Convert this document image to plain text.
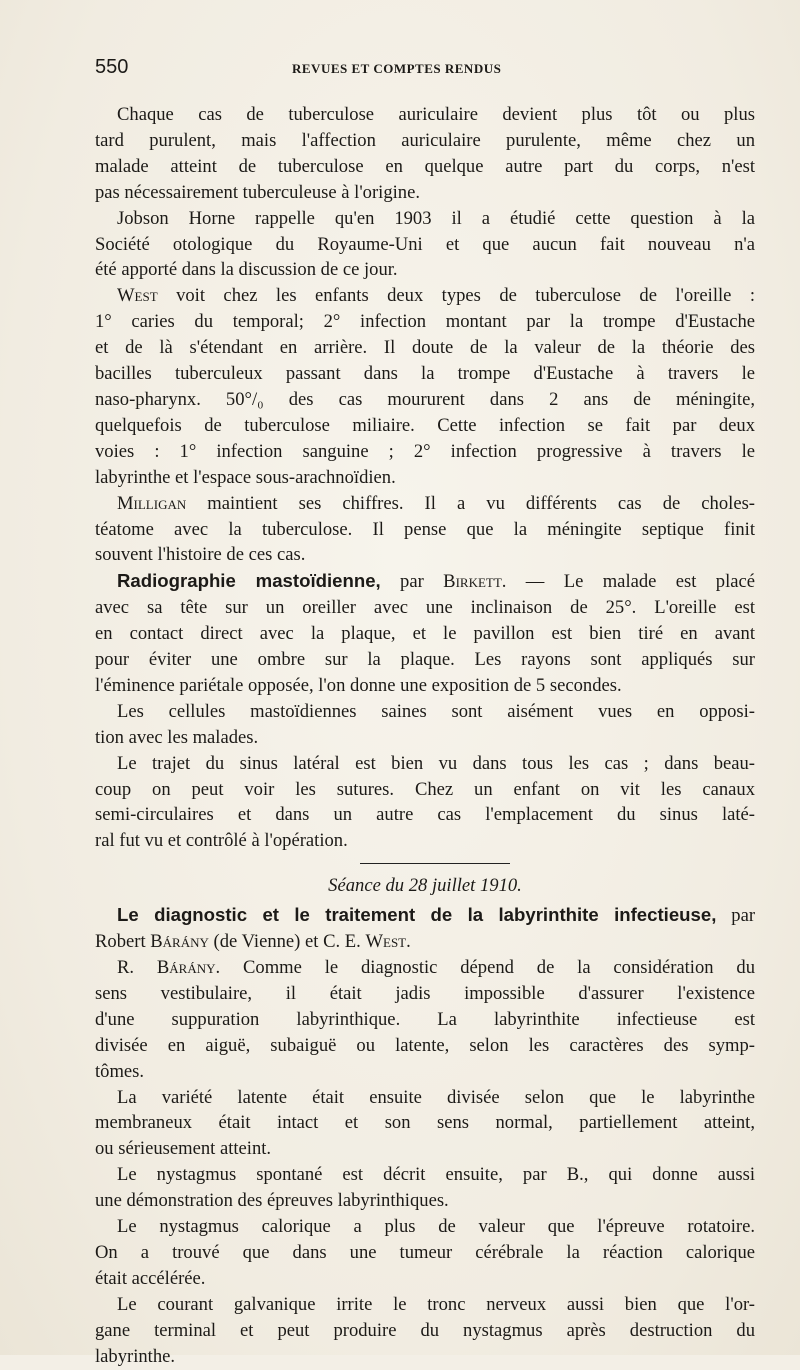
550	REVUES ET COMPTES RENDUS
Chaque cas de tuberculose auriculaire devient plus tôt ou plus
tard purulent, mais l'affection auriculaire purulente, même chez un
malade atteint de tuberculose en quelque autre part du corps, n'est
pas nécessairement tuberculeuse à l'origine.
Jobson Horne rappelle qu'en 1903 il a étudié cette question à la
Société otologique du Royaume-Uni et que aucun fait nouveau n'a
été apporté dans la discussion de ce jour.
West voit chez les enfants deux types de tuberculose de l'oreille :
1° caries du temporal; 2° infection montant par la trompe d'Eustache
et de là s'étendant en arrière. Il doute de la valeur de la théorie des
bacilles tuberculeux passant dans la trompe d'Eustache à travers le
naso-pharynx. 50°/₀ des cas moururent dans 2 ans de méningite,
quelquefois de tuberculose miliaire. Cette infection se fait par deux
voies : 1° infection sanguine ; 2° infection progressive à travers le
labyrinthe et l'espace sous-arachnoïdien.
Milligan maintient ses chiffres. Il a vu différents cas de choles-
téatome avec la tuberculose. Il pense que la méningite septique finit
souvent l'histoire de ces cas.
Radiographie mastoïdienne, par Birkett. — Le malade est placé
avec sa tête sur un oreiller avec une inclinaison de 25°. L'oreille est
en contact direct avec la plaque, et le pavillon est bien tiré en avant
pour éviter une ombre sur la plaque. Les rayons sont appliqués sur
l'éminence pariétale opposée, l'on donne une exposition de 5 secondes.
Les cellules mastoïdiennes saines sont aisément vues en opposi-
tion avec les malades.
Le trajet du sinus latéral est bien vu dans tous les cas ; dans beau-
coup on peut voir les sutures. Chez un enfant on vit les canaux
semi-circulaires et dans un autre cas l'emplacement du sinus laté-
ral fut vu et contrôlé à l'opération.
Séance du 28 juillet 1910.
Le diagnostic et le traitement de la labyrinthite infectieuse, par
Robert Bárány (de Vienne) et C. E. West.
R. Bárány. Comme le diagnostic dépend de la considération du
sens vestibulaire, il était jadis impossible d'assurer l'existence
d'une suppuration labyrinthique. La labyrinthite infectieuse est
divisée en aiguë, subaiguë ou latente, selon les caractères des symp-
tômes.
La variété latente était ensuite divisée selon que le labyrinthe
membraneux était intact et son sens normal, partiellement atteint,
ou sérieusement atteint.
Le nystagmus spontané est décrit ensuite, par B., qui donne aussi
une démonstration des épreuves labyrinthiques.
Le nystagmus calorique a plus de valeur que l'épreuve rotatoire.
On a trouvé que dans une tumeur cérébrale la réaction calorique
était accélérée.
Le courant galvanique irrite le tronc nerveux aussi bien que l'or-
gane terminal et peut produire du nystagmus après destruction du
labyrinthe.
